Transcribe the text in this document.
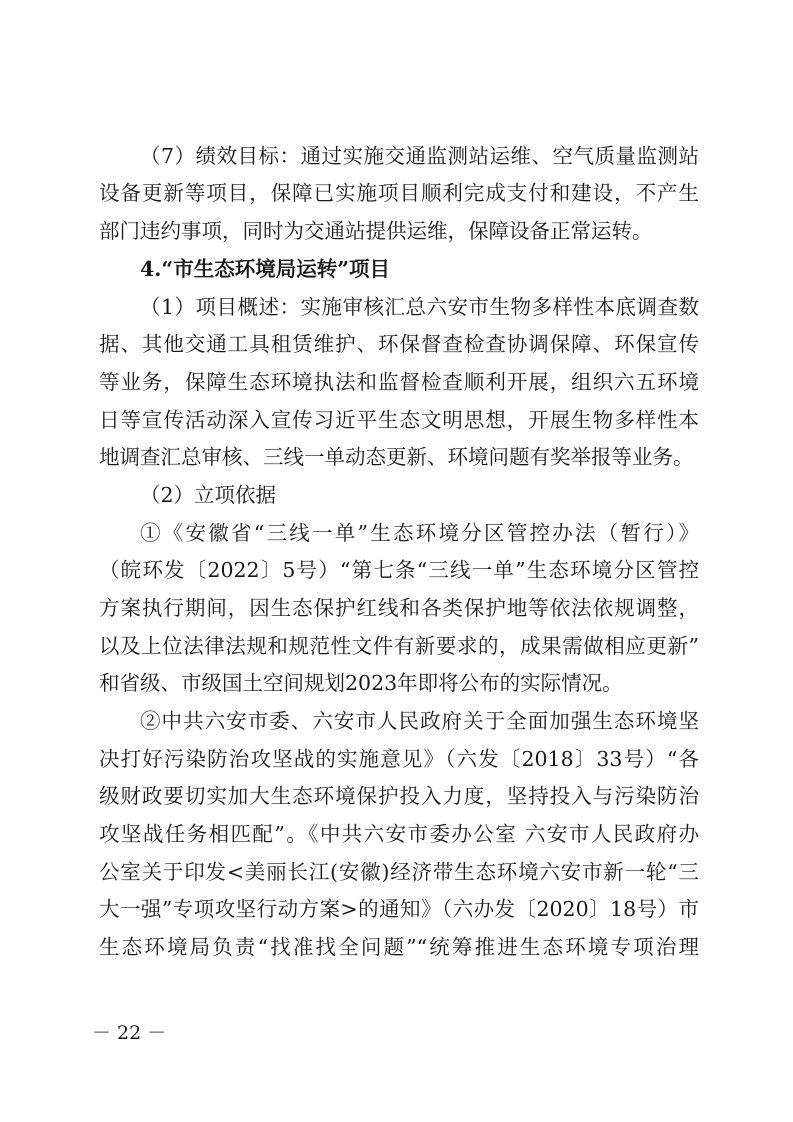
（7）绩效目标：通过实施交通监测站运维、空气质量监测站
设备更新等项目，保障已实施项目顺利完成支付和建设，不产生
部门违约事项，同时为交通站提供运维，保障设备正常运转。
4.“市生态环境局运转”项目
（1）项目概述：实施审核汇总六安市生物多样性本底调查数
据、其他交通工具租赁维护、环保督查检查协调保障、环保宣传
等业务，保障生态环境执法和监督检查顺利开展，组织六五环境
日等宣传活动深入宣传习近平生态文明思想，开展生物多样性本
地调查汇总审核、三线一单动态更新、环境问题有奖举报等业务。
（2）立项依据
①《安徽省“三线一单”生态环境分区管控办法（暂行）》
（皖环发〔2022〕5号）“第七条“三线一单”生态环境分区管控
方案执行期间，因生态保护红线和各类保护地等依法依规调整，
以及上位法律法规和规范性文件有新要求的，成果需做相应更新”
和省级、市级国土空间规划2023年即将公布的实际情况。
②中共六安市委、六安市人民政府关于全面加强生态环境坚
决打好污染防治攻坚战的实施意见》（六发〔2018〕33号）“各
级财政要切实加大生态环境保护投入力度，坚持投入与污染防治
攻坚战任务相匹配”。《中共六安市委办公室 六安市人民政府办
公室关于印发<美丽长江(安徽)经济带生态环境六安市新一轮“三
大一强”专项攻坚行动方案>的通知》（六办发〔2020〕18号）市
生态环境局负责“找准找全问题”“统筹推进生态环境专项治理
－ 22 －
